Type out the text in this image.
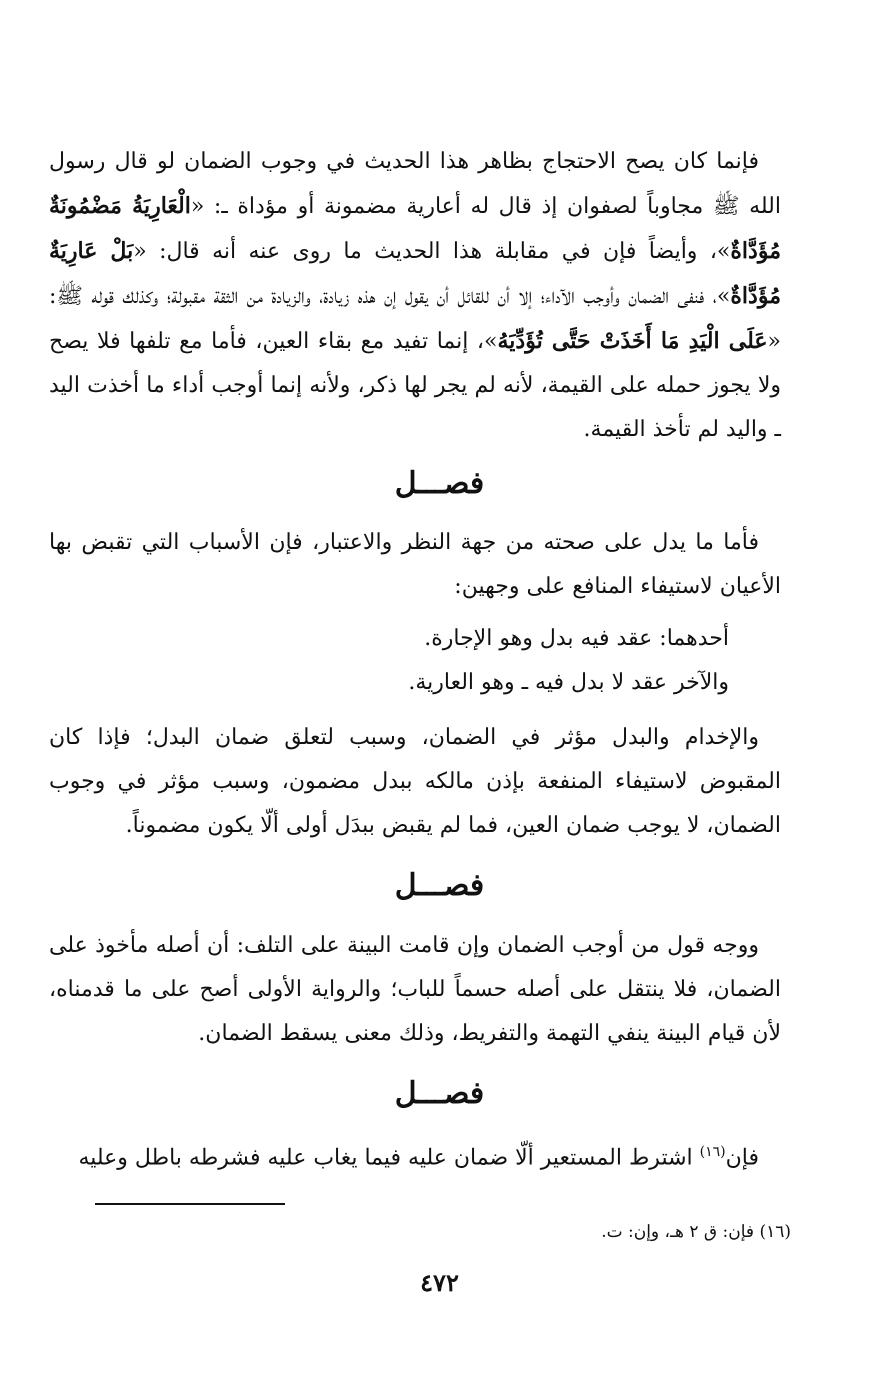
فإنما كان يصح الاحتجاج بظاهر هذا الحديث في وجوب الضمان لو قال رسول الله ﷺ مجاوباً لصفوان إذ قال له أعارية مضمونة أو مؤداة ـ: «الْعَارِيَةُ مَضْمُونَةٌ مُؤَدَّاةٌ»، وأيضاً فإن في مقابلة هذا الحديث ما روى عنه أنه قال: «بَلْ عَارِيَةٌ مُؤَدَّاةٌ»، فنفى الضمان وأوجب الآداء؛ إلا أن للقائل أن يقول إن هذه زيادة، والزيادة من الثقة مقبولة؛ وكذلك قوله ﷺ: «عَلَى الْيَدِ مَا أَخَذَتْ حَتَّى تُؤَدِّيَهُ»، إنما تفيد مع بقاء العين، فأما مع تلفها فلا يصح ولا يجوز حمله على القيمة، لأنه لم يجر لها ذكر، ولأنه إنما أوجب أداء ما أخذت اليد ـ واليد لم تأخذ القيمة.

فصـــل

فأما ما يدل على صحته من جهة النظر والاعتبار، فإن الأسباب التي تقبض بها الأعيان لاستيفاء المنافع على وجهين:

أحدهما: عقد فيه بدل وهو الإجارة.

والآخر عقد لا بدل فيه ـ وهو العارية.

والإخدام والبدل مؤثر في الضمان، وسبب لتعلق ضمان البدل؛ فإذا كان المقبوض لاستيفاء المنفعة بإذن مالكه ببدل مضمون، وسبب مؤثر في وجوب الضمان، لا يوجب ضمان العين، فما لم يقبض ببدَل أولى ألّا يكون مضموناً.

فصـــل

ووجه قول من أوجب الضمان وإن قامت البينة على التلف: أن أصله مأخوذ على الضمان، فلا ينتقل على أصله حسماً للباب؛ والرواية الأولى أصح على ما قدمناه، لأن قيام البينة ينفي التهمة والتفريط، وذلك معنى يسقط الضمان.

فصـــل

فإن$^{(١٦)}$ اشترط المستعير ألّا ضمان عليه فيما يغاب عليه فشرطه باطل وعليه

(١٦) فإن: ق ٢ هـ، وإن: ت.

٤٧٢
